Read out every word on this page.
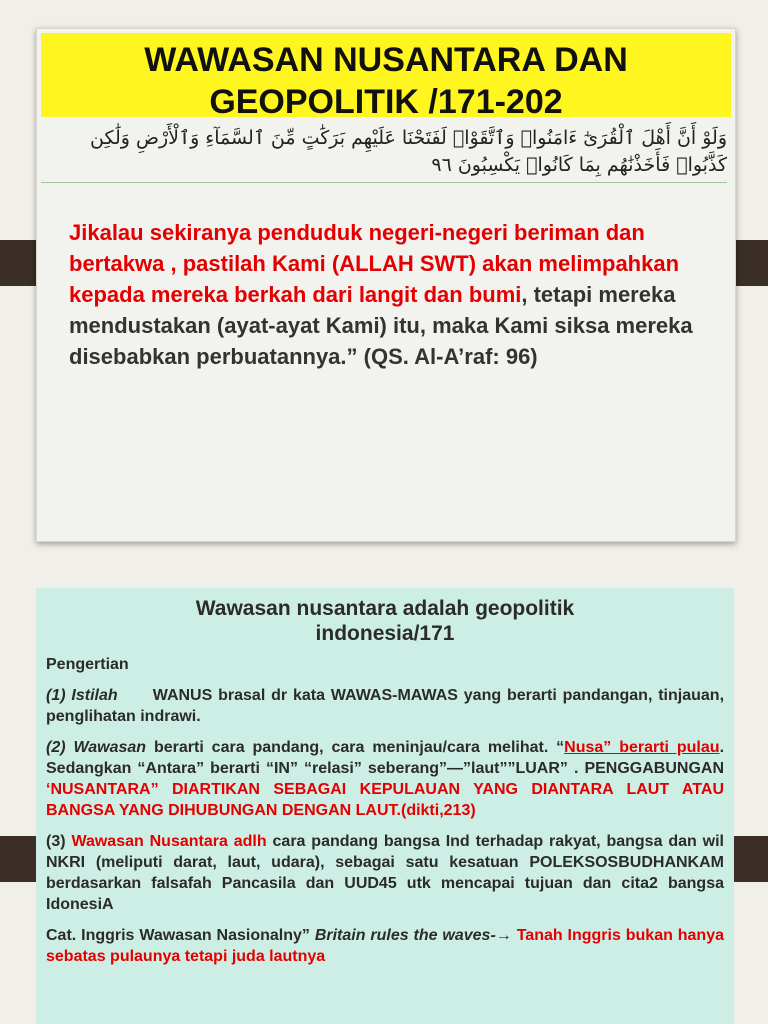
WAWASAN NUSANTARA DAN
GEOPOLITIK /171-202
وَلَوْ أَنَّ أَهْلَ ٱلْقُرَىٰٓ ءَامَنُوا۟ وَٱتَّقَوْا۟ لَفَتَحْنَا عَلَيْهِم بَرَكَٰتٍ مِّنَ ٱلسَّمَآءِ وَٱلْأَرْضِ وَلَٰكِن
كَذَّبُوا۟ فَأَخَذْنَٰهُم بِمَا كَانُوا۟ يَكْسِبُونَ ٩٦
Jikalau sekiranya penduduk negeri-negeri beriman dan bertakwa , pastilah Kami (ALLAH SWT) akan melimpahkan kepada mereka berkah dari langit dan bumi, tetapi mereka mendustakan (ayat-ayat Kami) itu, maka Kami siksa mereka disebabkan perbuatannya.” (QS. Al-A’raf: 96)
Wawasan nusantara adalah geopolitik
indonesia/171
Pengertian
(1) Istilah WANUS brasal dr kata WAWAS-MAWAS yang berarti pandangan, tinjauan, penglihatan indrawi.
(2) Wawasan berarti cara pandang, cara meninjau/cara melihat. “Nusa” berarti pulau. Sedangkan “Antara” berarti “IN” “relasi” seberang”—”laut””LUAR” . PENGGABUNGAN ‘NUSANTARA” DIARTIKAN SEBAGAI KEPULAUAN YANG DIANTARA LAUT ATAU BANGSA YANG DIHUBUNGAN DENGAN LAUT.(dikti,213)
(3) Wawasan Nusantara adlh cara pandang bangsa Ind terhadap rakyat, bangsa dan wil NKRI (meliputi darat, laut, udara), sebagai satu kesatuan POLEKSOSBUDHANKAM berdasarkan falsafah Pancasila dan UUD45 utk mencapai tujuan dan cita2 bangsa IdonesiA
Cat. Inggris Wawasan Nasionalny” Britain rules the waves-→ Tanah Inggris bukan hanya sebatas pulaunya tetapi juda lautnya
